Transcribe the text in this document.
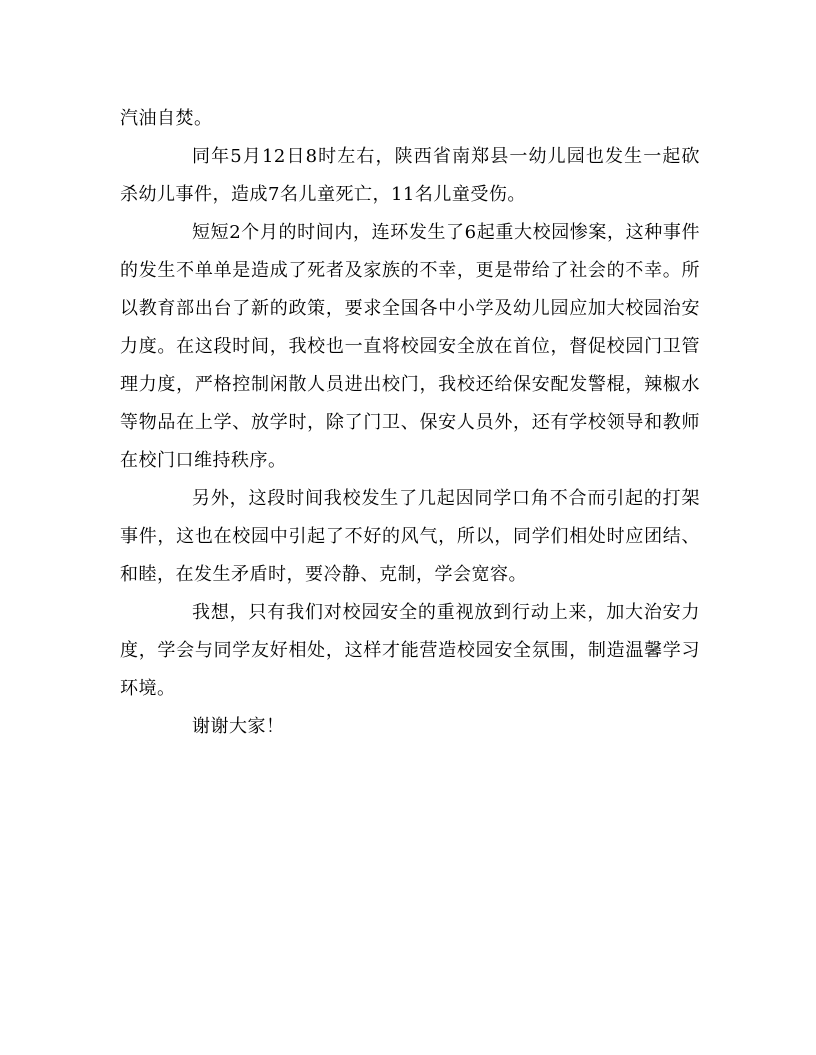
汽油自焚。

同年5月12日8时左右，陕西省南郑县一幼儿园也发生一起砍杀幼儿事件，造成7名儿童死亡，11名儿童受伤。

短短2个月的时间内，连环发生了6起重大校园惨案，这种事件的发生不单单是造成了死者及家族的不幸，更是带给了社会的不幸。所以教育部出台了新的政策，要求全国各中小学及幼儿园应加大校园治安力度。在这段时间，我校也一直将校园安全放在首位，督促校园门卫管理力度，严格控制闲散人员进出校门，我校还给保安配发警棍，辣椒水等物品在上学、放学时，除了门卫、保安人员外，还有学校领导和教师在校门口维持秩序。

另外，这段时间我校发生了几起因同学口角不合而引起的打架事件，这也在校园中引起了不好的风气，所以，同学们相处时应团结、和睦，在发生矛盾时，要冷静、克制，学会宽容。

我想，只有我们对校园安全的重视放到行动上来，加大治安力度，学会与同学友好相处，这样才能营造校园安全氛围，制造温馨学习环境。

谢谢大家！
